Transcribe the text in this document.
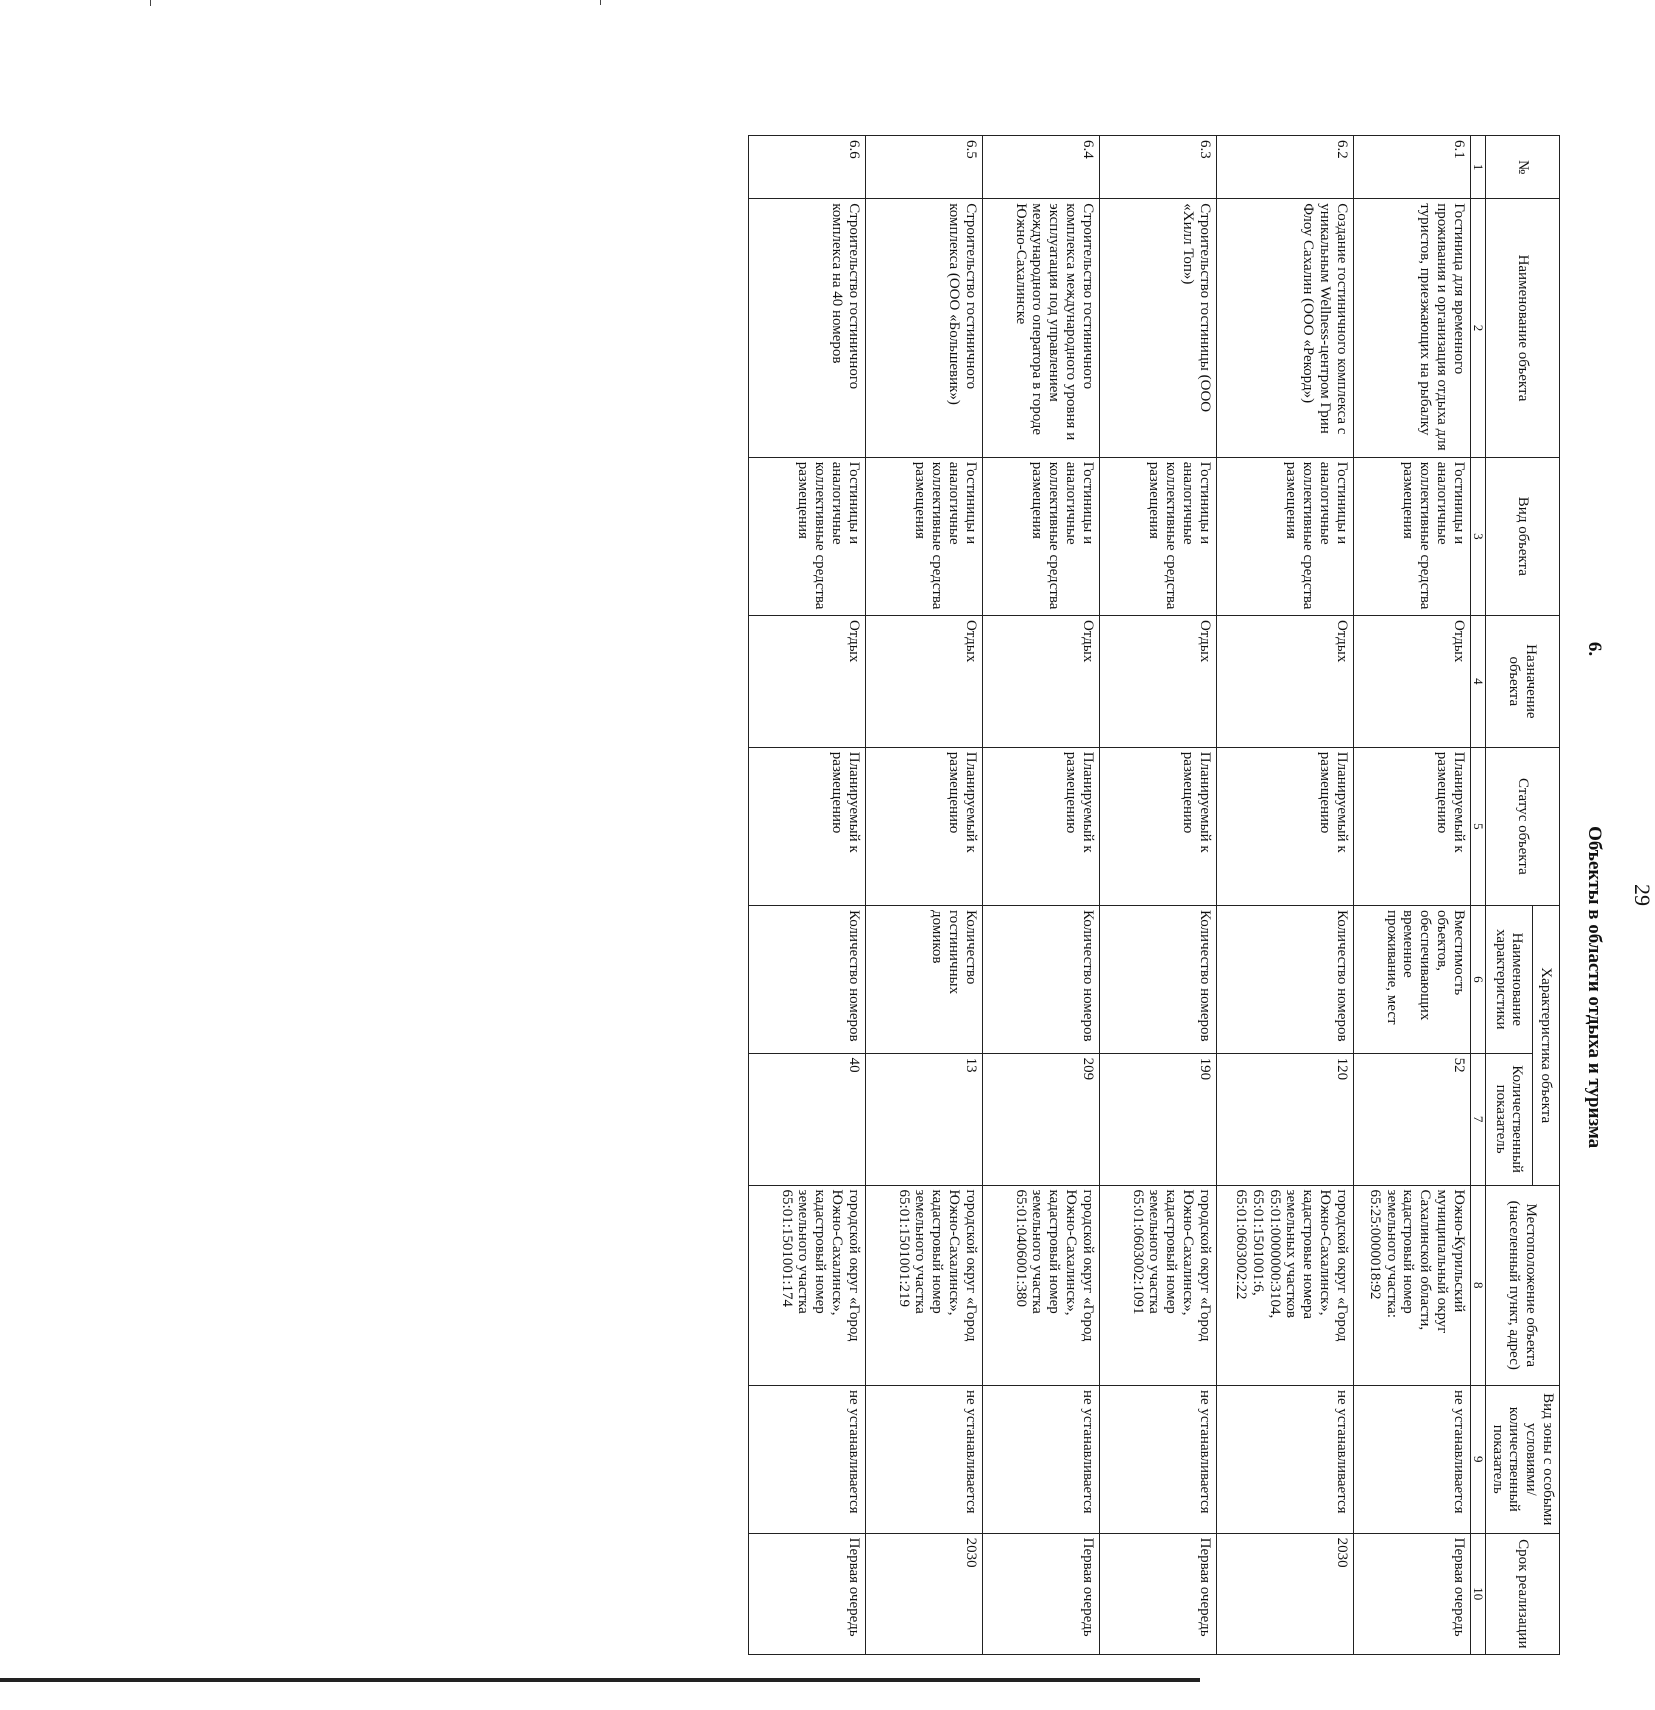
29
6.Объекты в области отдыха и туризма
№	Наименование объекта	Вид объекта	Назначение объекта	Статус объекта	Характеристика объекта		Местоположение объекта (населенный пункт, адрес)	Вид зоны с особыми условиями/ количественный показатель	Срок реализации
					Наименование характеристики	Количественный показатель			
1	2	3	4	5	6	7	8	9	10
6.1	Гостиница для временного проживания и организация отдыха для туристов, приезжающих на рыбалку	Гостиницы и аналогичные коллективные средства размещения	Отдых	Планируемый к размещению	Вместимость объектов, обеспечивающих временное проживание, мест	52	Южно-Курильский муниципальный округ Сахалинской области, кадастровый номер земельного участка: 65:25:0000018:92	не устанавливается	Первая очередь
6.2	Создание гостиничного комплекса с уникальным Wellness-центром Грин Флоу Сахалин (ООО «Рекорд»)	Гостиницы и аналогичные коллективные средства размещения	Отдых	Планируемый к размещению	Количество номеров	120	городской округ «Город Южно-Сахалинск», кадастровые номера земельных участков 65:01:0000000:3104, 65:01:1501001:6, 65:01:0603002:22	не устанавливается	2030
6.3	Строительство гостиницы (ООО «Хилл Топ»)	Гостиницы и аналогичные коллективные средства размещения	Отдых	Планируемый к размещению	Количество номеров	190	городской округ «Город Южно-Сахалинск», кадастровый номер земельного участка 65:01:0603002:1091	не устанавливается	Первая очередь
6.4	Строительство гостиничного комплекса международного уровня и эксплуатация под управлением международного оператора в городе Южно-Сахалинске	Гостиницы и аналогичные коллективные средства размещения	Отдых	Планируемый к размещению	Количество номеров	209	городской округ «Город Южно-Сахалинск», кадастровый номер земельного участка 65:01:0406001:380	не устанавливается	Первая очередь
6.5	Строительство гостиничного комплекса (ООО «Большевик»)	Гостиницы и аналогичные коллективные средства размещения	Отдых	Планируемый к размещению	Количество гостиничных домиков	13	городской округ «Город Южно-Сахалинск», кадастровый номер земельного участка 65:01:1501001:219	не устанавливается	2030
6.6	Строительство гостиничного комплекса на 40 номеров	Гостиницы и аналогичные коллективные средства размещения	Отдых	Планируемый к размещению	Количество номеров	40	городской округ «Город Южно-Сахалинск», кадастровый номер земельного участка 65:01:1501001:174	не устанавливается	Первая очередь
